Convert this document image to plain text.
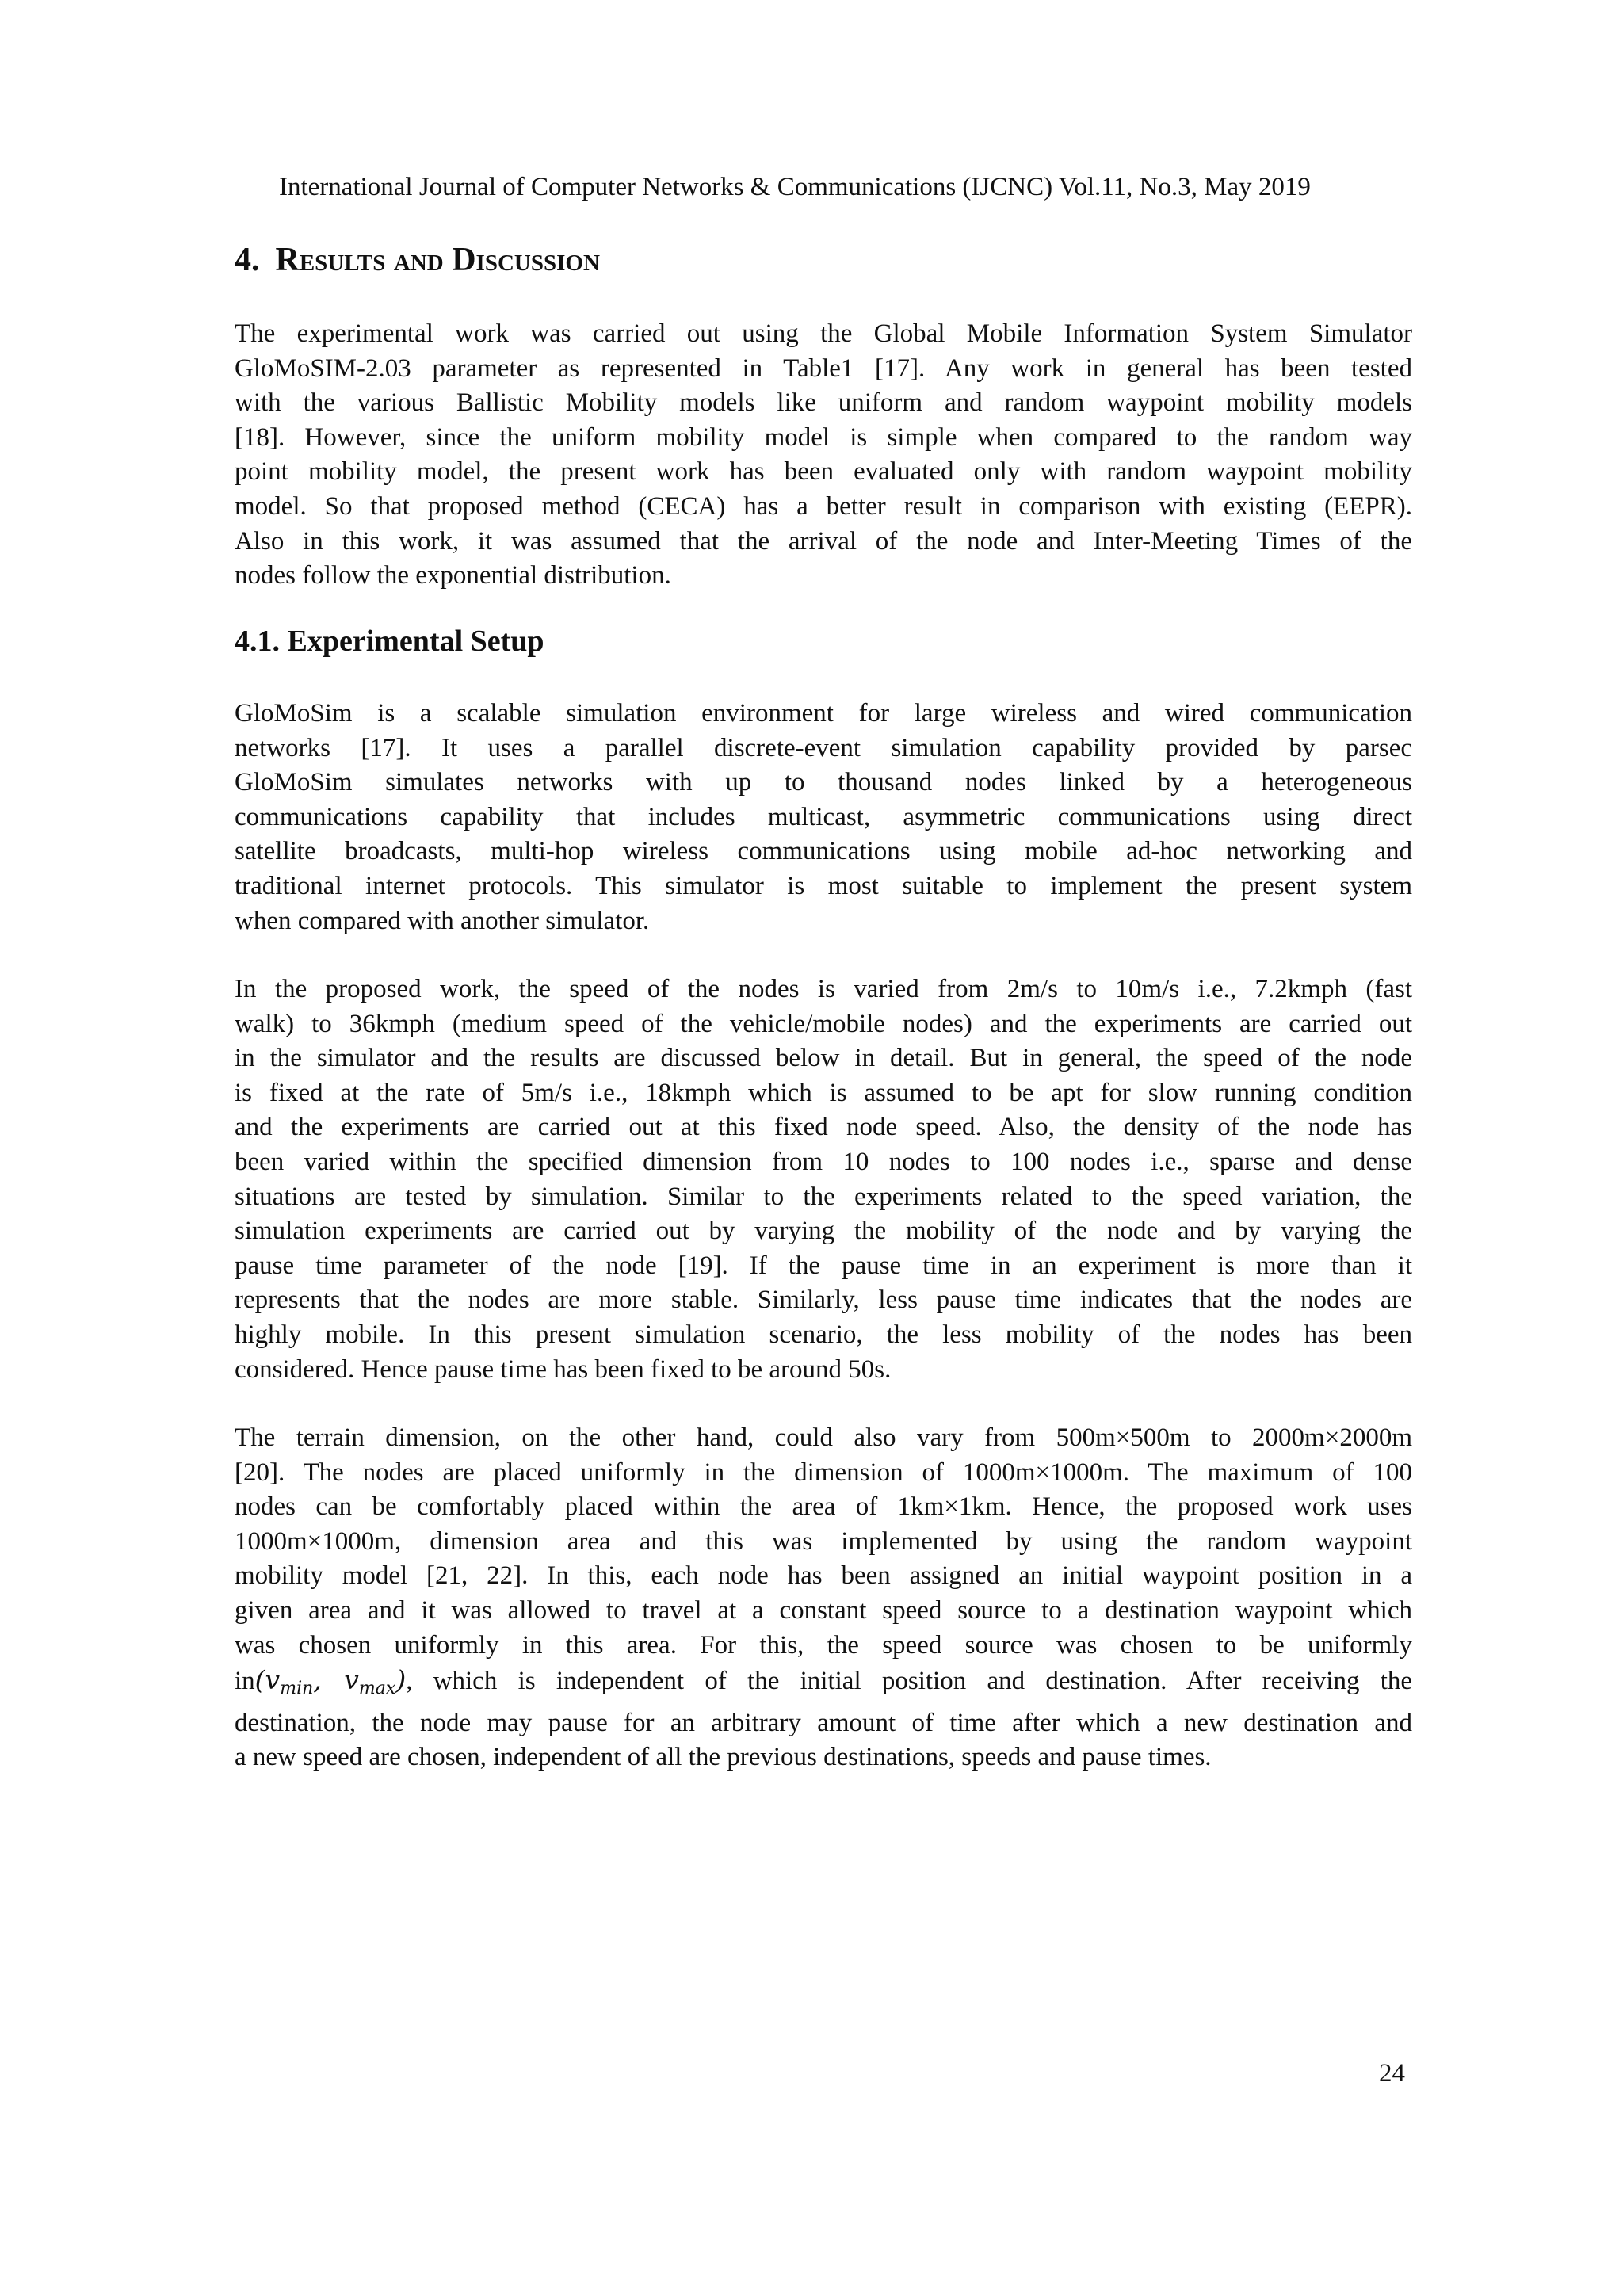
International Journal of Computer Networks & Communications (IJCNC) Vol.11, No.3, May 2019
4. Results and Discussion
The experimental work was carried out using the Global Mobile Information System Simulator
GloMoSIM-2.03 parameter as represented in Table1 [17]. Any work in general has been tested
with the various Ballistic Mobility models like uniform and random waypoint mobility models
[18]. However, since the uniform mobility model is simple when compared to the random way
point mobility model, the present work has been evaluated only with random waypoint mobility
model. So that proposed method (CECA) has a better result in comparison with existing (EEPR).
Also in this work, it was assumed that the arrival of the node and Inter-Meeting Times of the
nodes follow the exponential distribution.
4.1. Experimental Setup
GloMoSim is a scalable simulation environment for large wireless and wired communication
networks [17]. It uses a parallel discrete-event simulation capability provided by parsec
GloMoSim simulates networks with up to thousand nodes linked by a heterogeneous
communications capability that includes multicast, asymmetric communications using direct
satellite broadcasts, multi-hop wireless communications using mobile ad-hoc networking and
traditional internet protocols. This simulator is most suitable to implement the present system
when compared with another simulator.
In the proposed work, the speed of the nodes is varied from 2m/s to 10m/s i.e., 7.2kmph (fast
walk) to 36kmph (medium speed of the vehicle/mobile nodes) and the experiments are carried out
in the simulator and the results are discussed below in detail. But in general, the speed of the node
is fixed at the rate of 5m/s i.e., 18kmph which is assumed to be apt for slow running condition
and the experiments are carried out at this fixed node speed. Also, the density of the node has
been varied within the specified dimension from 10 nodes to 100 nodes i.e., sparse and dense
situations are tested by simulation. Similar to the experiments related to the speed variation, the
simulation experiments are carried out by varying the mobility of the node and by varying the
pause time parameter of the node [19]. If the pause time in an experiment is more than it
represents that the nodes are more stable. Similarly, less pause time indicates that the nodes are
highly mobile. In this present simulation scenario, the less mobility of the nodes has been
considered. Hence pause time has been fixed to be around 50s.
The terrain dimension, on the other hand, could also vary from 500m×500m to 2000m×2000m
[20]. The nodes are placed uniformly in the dimension of 1000m×1000m. The maximum of 100
nodes can be comfortably placed within the area of 1km×1km. Hence, the proposed work uses
1000m×1000m, dimension area and this was implemented by using the random waypoint
mobility model [21, 22]. In this, each node has been assigned an initial waypoint position in a
given area and it was allowed to travel at a constant speed source to a destination waypoint which
was chosen uniformly in this area. For this, the speed source was chosen to be uniformly
$in(v_{min}$, $v_{max}$), which is independent of the initial position and destination. After receiving the
destination, the node may pause for an arbitrary amount of time after which a new destination and
a new speed are chosen, independent of all the previous destinations, speeds and pause times.
24
